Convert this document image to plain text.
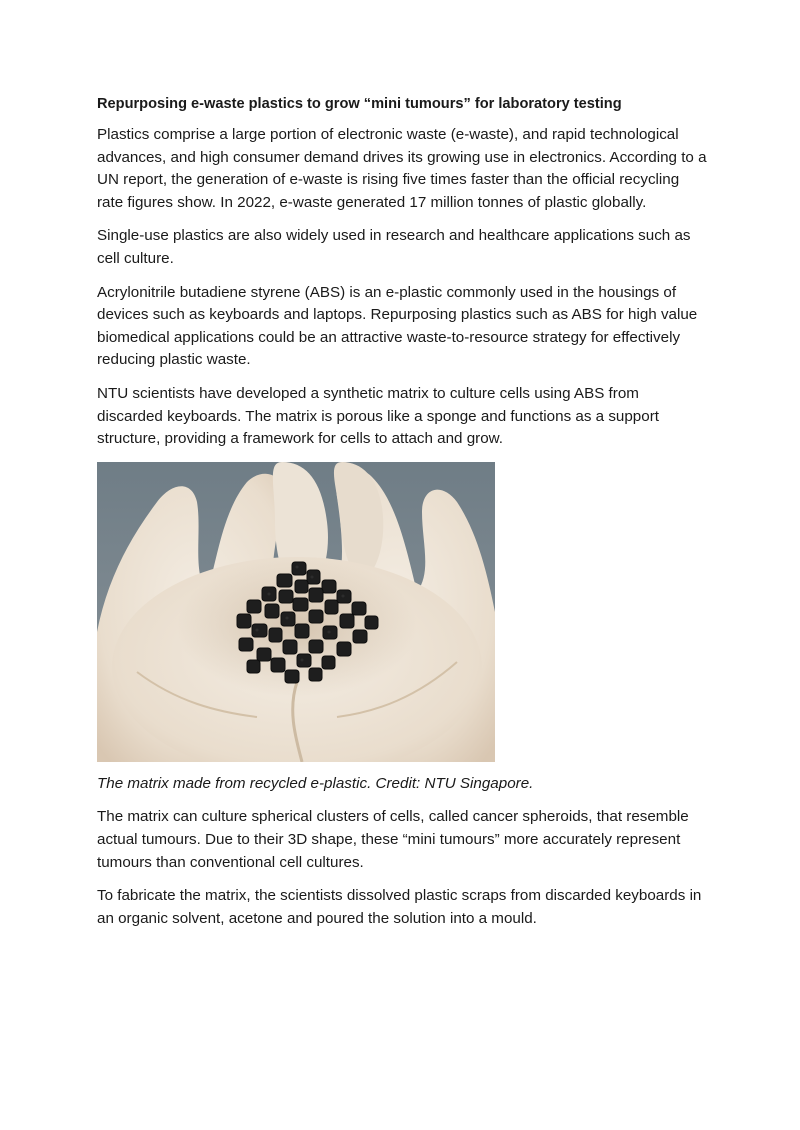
Repurposing e-waste plastics to grow “mini tumours” for laboratory testing

Plastics comprise a large portion of electronic waste (e-waste), and rapid technological advances, and high consumer demand drives its growing use in electronics. According to a UN report, the generation of e-waste is rising five times faster than the official recycling rate figures show. In 2022, e-waste generated 17 million tonnes of plastic globally.

Single-use plastics are also widely used in research and healthcare applications such as cell culture.

Acrylonitrile butadiene styrene (ABS) is an e-plastic commonly used in the housings of devices such as keyboards and laptops. Repurposing plastics such as ABS for high value biomedical applications could be an attractive waste-to-resource strategy for effectively reducing plastic waste.

NTU scientists have developed a synthetic matrix to culture cells using ABS from discarded keyboards. The matrix is porous like a sponge and functions as a support structure, providing a framework for cells to attach and grow.

The matrix made from recycled e-plastic. Credit: NTU Singapore.

The matrix can culture spherical clusters of cells, called cancer spheroids, that resemble actual tumours. Due to their 3D shape, these “mini tumours” more accurately represent tumours than conventional cell cultures.

To fabricate the matrix, the scientists dissolved plastic scraps from discarded keyboards in an organic solvent, acetone and poured the solution into a mould.
